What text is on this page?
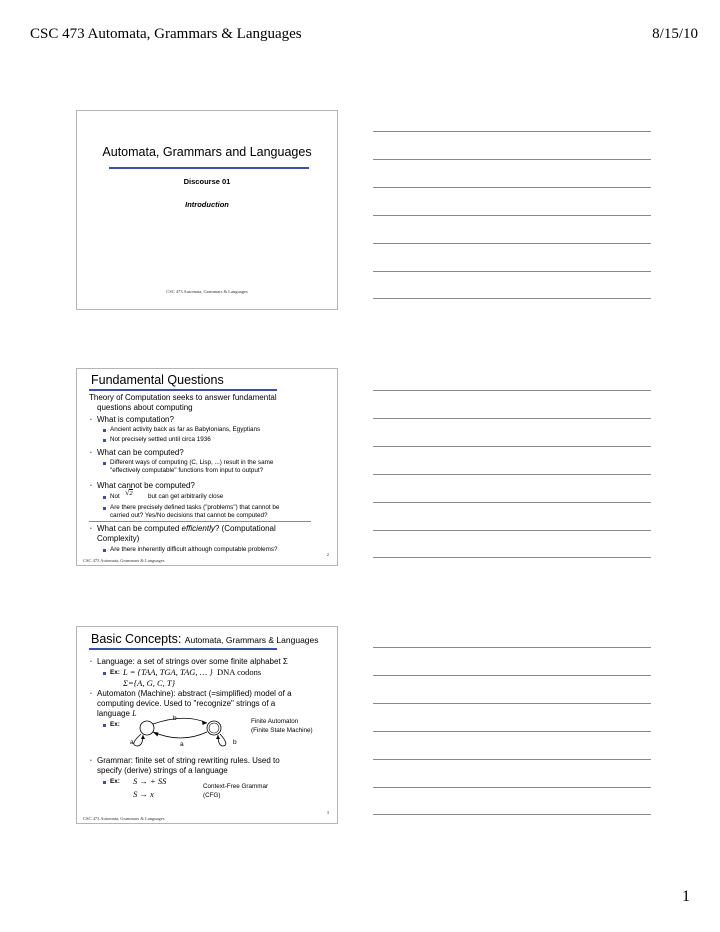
CSC 473 Automata, Grammars & Languages	8/15/10
Automata, Grammars and Languages
Discourse 01
Introduction
CSC 473 Automata, Grammars & Languages
Fundamental Questions
Theory of Computation seeks to answer fundamental
questions about computing
• What is computation?
Ancient activity back as far as Babylonians, Egyptians
Not precisely settled until circa 1936
• What can be computed?
Different ways of computing (C, Lisp, ...) result in the same
"effectively computable" functions from input to output?
• What cannot be computed?
Not √2 but can get arbitrarily close
Are there precisely defined tasks ("problems") that cannot be
carried out? Yes/No decisions that cannot be computed?
• What can be computed efficiently? (Computational
Complexity)
Are there inherently difficult although computable problems?
CSC 473 Automata, Grammars & Languages
2
Basic Concepts: Automata, Grammars & Languages
• Language: a set of strings over some finite alphabet Σ
Ex: L = {TAA, TGA, TAG, … } DNA codons
Σ={A, G, C, T}
• Automaton (Machine): abstract (=simplified) model of a
computing device. Used to "recognize" strings of a
language L
Ex:
b
a	a	b
Finite Automaton
(Finite State Machine)
• Grammar: finite set of string rewriting rules. Used to
specify (derive) strings of a language
Ex: S → + SS
S → x
Context-Free Grammar
(CFG)
CSC 473 Automata, Grammars & Languages
3
1
